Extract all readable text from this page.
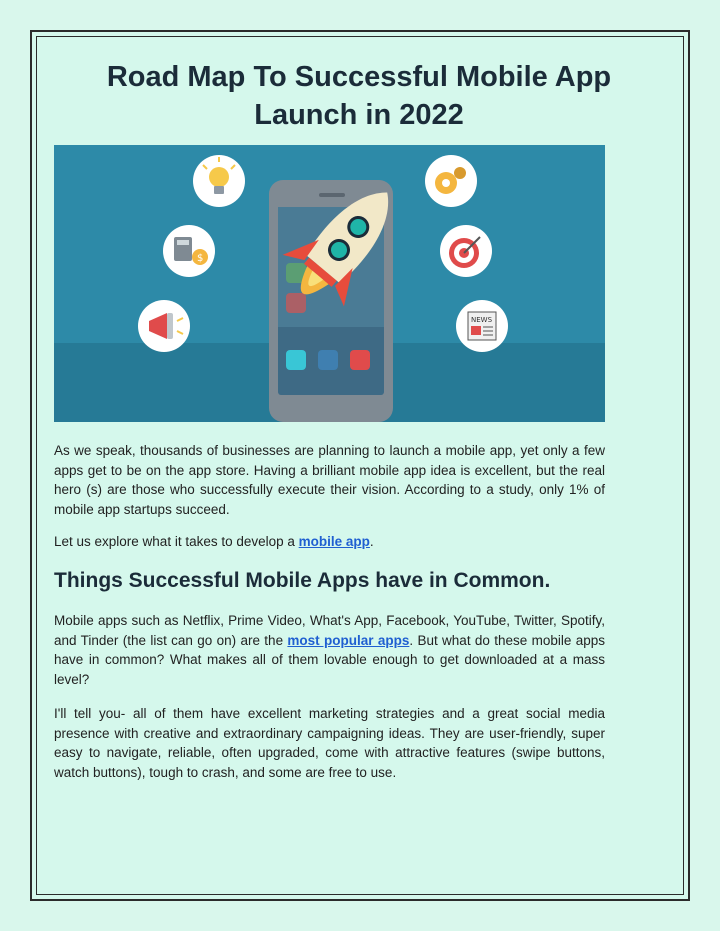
Road Map To Successful Mobile App Launch in 2022
$
NEWS
As we speak, thousands of businesses are planning to launch a mobile app, yet only a few apps get to be on the app store. Having a brilliant mobile app idea is excellent, but the real hero (s) are those who successfully execute their vision. According to a study, only 1% of mobile app startups succeed.
Let us explore what it takes to develop a mobile app.
Things Successful Mobile Apps have in Common.
Mobile apps such as Netflix, Prime Video, What's App, Facebook, YouTube, Twitter, Spotify, and Tinder (the list can go on) are the most popular apps. But what do these mobile apps have in common? What makes all of them lovable enough to get downloaded at a mass level?
I'll tell you- all of them have excellent marketing strategies and a great social media presence with creative and extraordinary campaigning ideas. They are user-friendly, super easy to navigate, reliable, often upgraded, come with attractive features (swipe buttons, watch buttons), tough to crash, and some are free to use.
